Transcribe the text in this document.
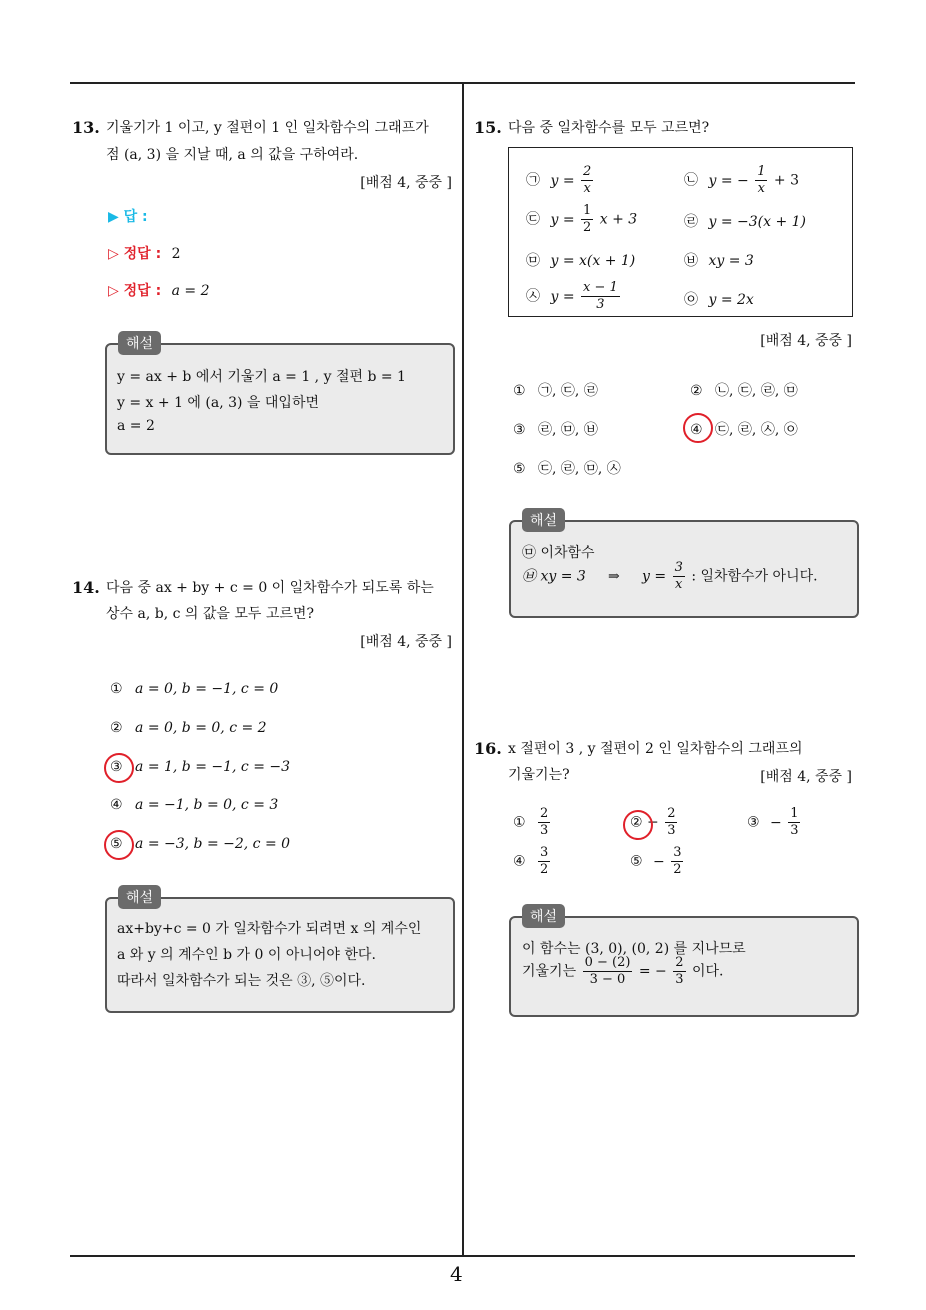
4
13. 기울기가 1 이고, y 절편이 1 인 일차함수의 그래프가
점 (a, 3) 을 지날 때, a 의 값을 구하여라.
[배점 4, 중중 ]
▶ 답 :
▷ 정답 : 2
▷ 정답 : a = 2
해설
y = ax + b 에서 기울기 a = 1 , y 절편 b = 1
y = x + 1 에 (a, 3) 을 대입하면
a = 2
14. 다음 중 ax + by + c = 0 이 일차함수가 되도록 하는
상수 a, b, c 의 값을 모두 고르면?
[배점 4, 중중 ]
① a = 0, b = −1, c = 0
② a = 0, b = 0, c = 2
③ a = 1, b = −1, c = −3
④ a = −1, b = 0, c = 3
⑤ a = −3, b = −2, c = 0
해설
ax+by+c = 0 가 일차함수가 되려면 x 의 계수인
a 와 y 의 계수인 b 가 0 이 아니어야 한다.
따라서 일차함수가 되는 것은 ③, ⑤이다.
15. 다음 중 일차함수를 모두 고르면?
㉠ $y = \frac{2}{x}$	㉡ y = − $\frac{1}{x} + 3$
㉢ $y = \frac{1}{2}$ x + 3	㉣ y = −3(x + 1)
㉤ y = x(x + 1)	㉥ xy = 3
㉦ $y = \frac{x - 1}{3}$	㉧ y = 2x
[배점 4, 중중 ]
① ㉠, ㉢, ㉣	② ㉡, ㉢, ㉣, ㉤
③ ㉣, ㉤, ㉥	④ ㉢, ㉣, ㉦, ㉧
⑤ ㉢, ㉣, ㉤, ㉦
해설
㉤ 이차함수
㉥ xy = 3     ⇒     $y = \frac{3}{x}$ : 일차함수가 아니다.
16. x 절편이 3 , y 절편이 2 인 일차함수의 그래프의
기울기는?	[배점 4, 중중 ]
① $\frac{2}{3}$	② − $\frac{2}{3}$	③ − $\frac{1}{3}$
④ $\frac{3}{2}$	⑤ − $\frac{3}{2}$
해설
이 함수는 (3, 0), (0, 2) 를 지나므로
기울기는 $\frac{0 - (2)}{3 - 0}$ = − $\frac{2}{3}$ 이다.
